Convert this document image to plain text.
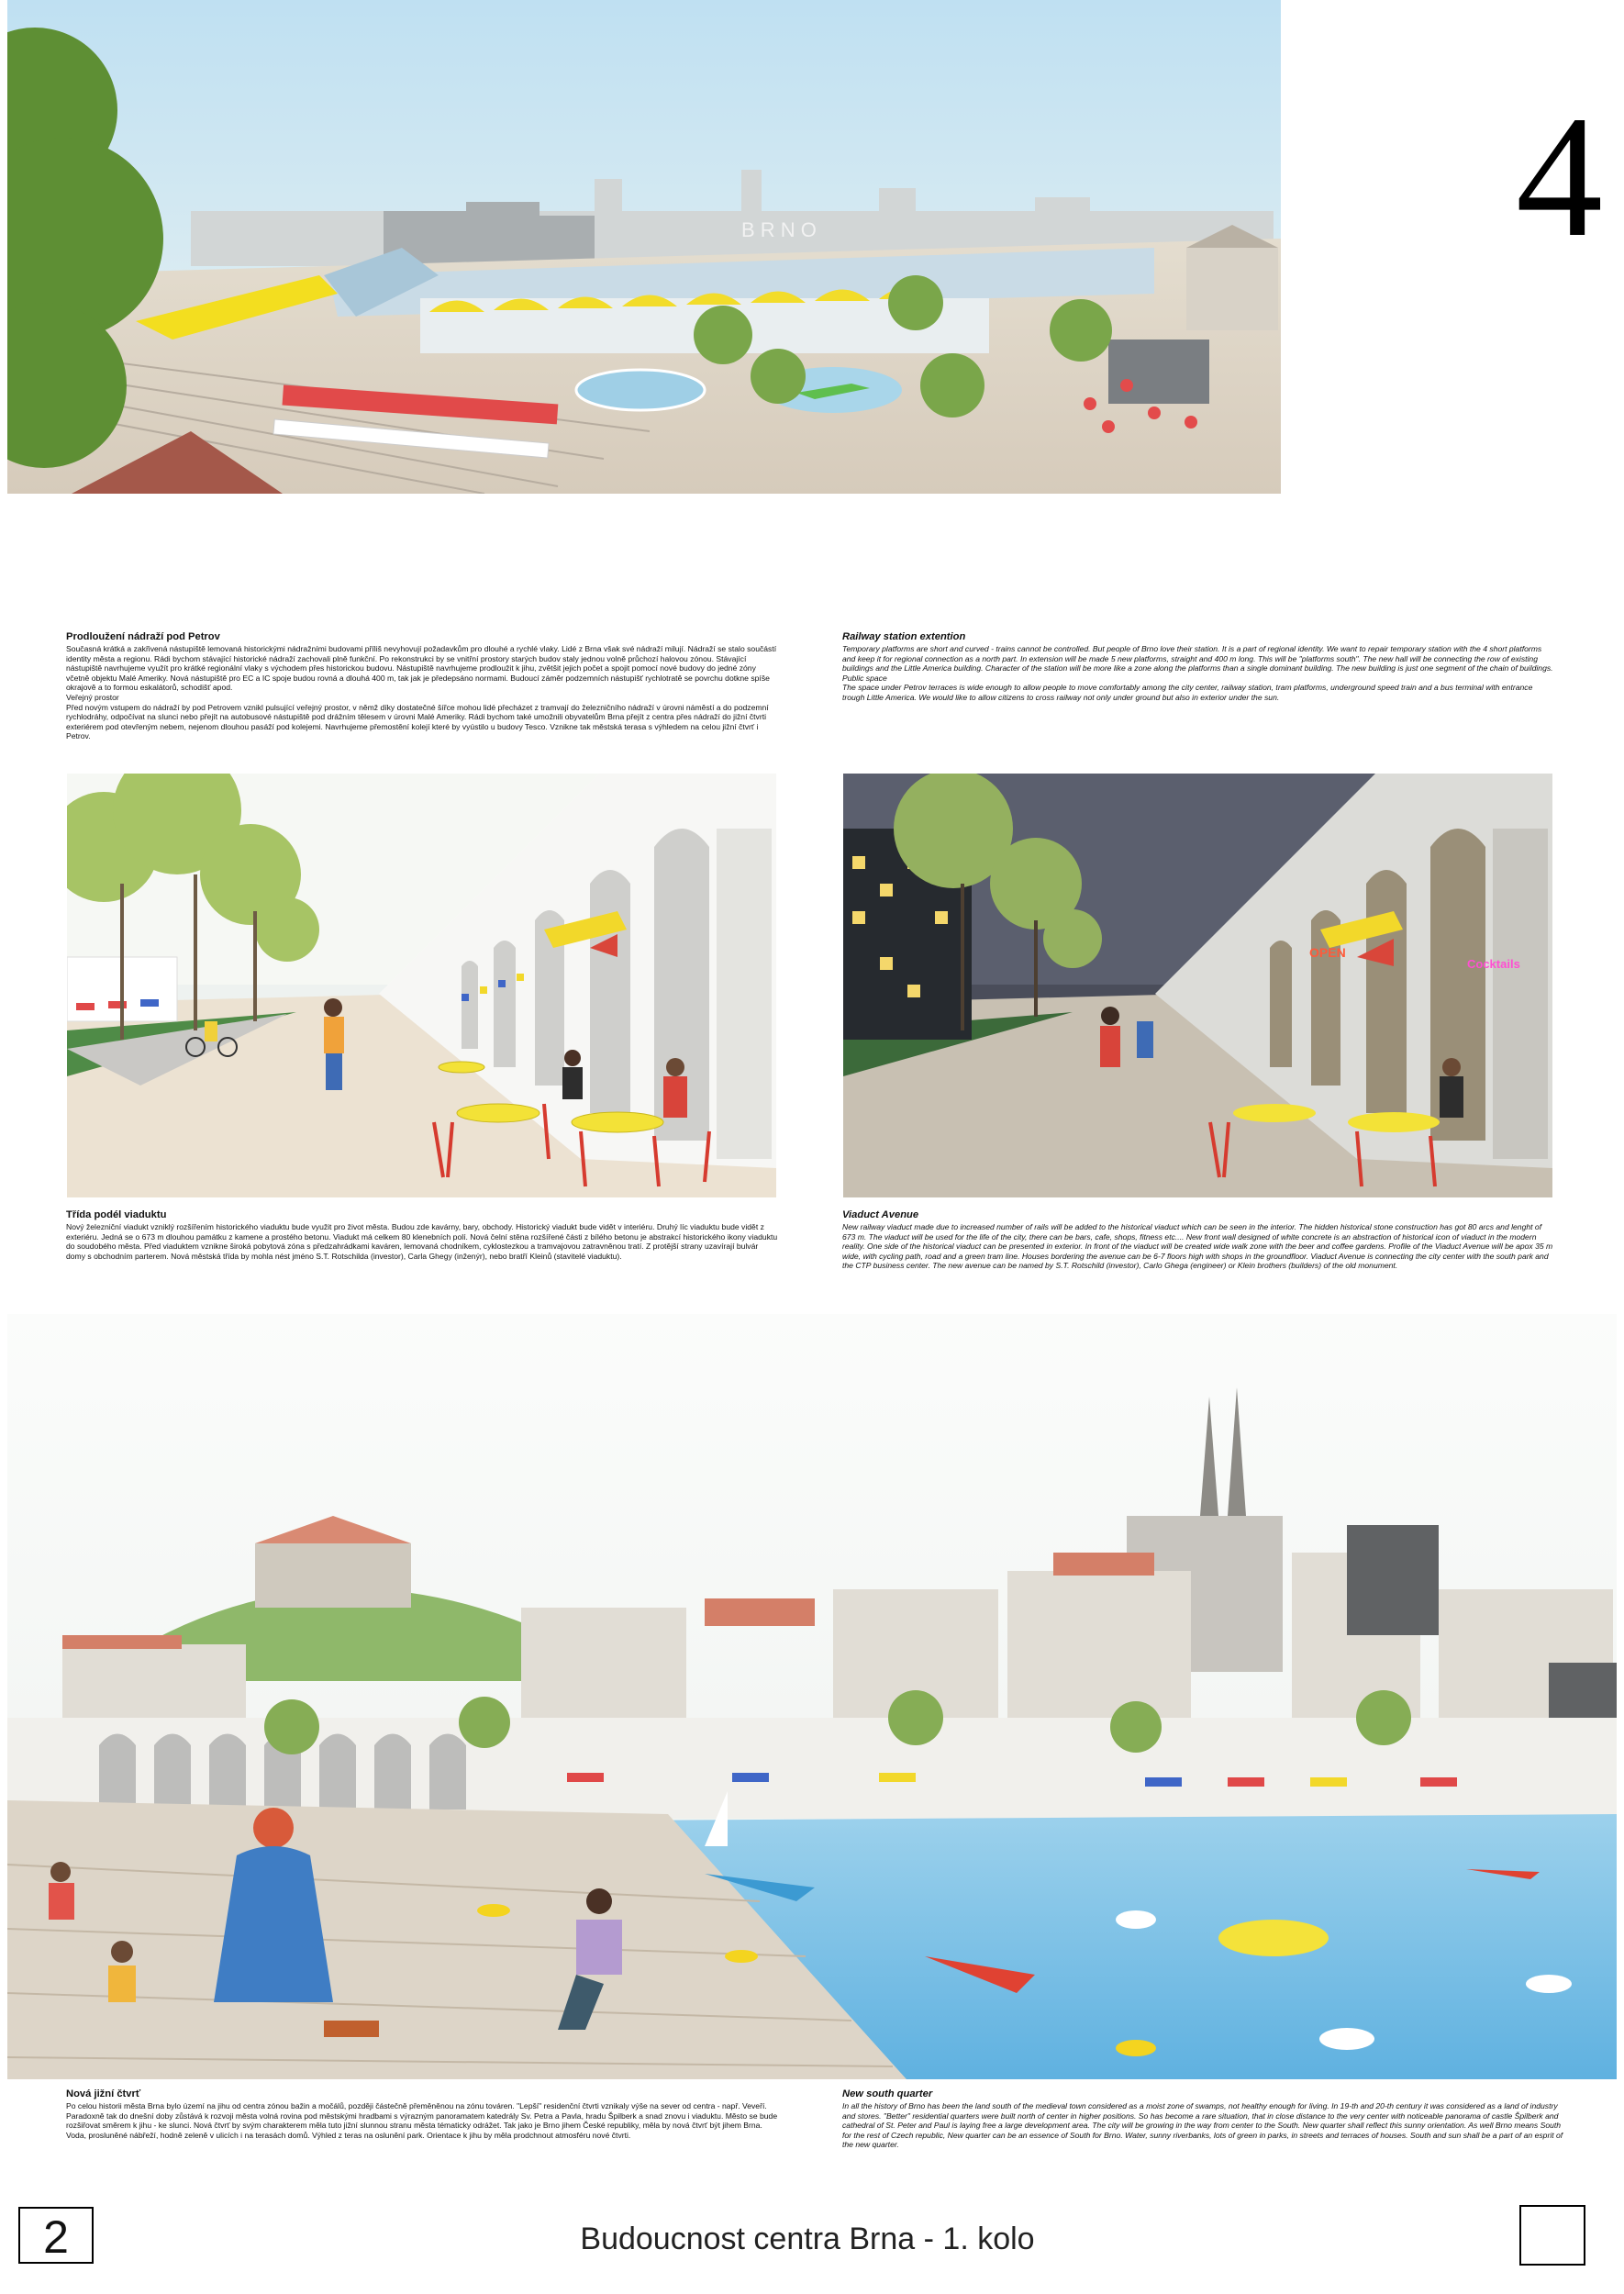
B R N O	4
Prodloužení nádraží pod Petrov

Současná krátká a zakřivená nástupiště lemovaná historickými nádražními budovami příliš nevyhovují požadavkům pro dlouhé a rychlé vlaky. Lidé z Brna však své nádraží milují. Nádraží se stalo součástí identity města a regionu. Rádi bychom stávající historické nádraží zachovali plně funkční. Po rekonstrukci by se vnitřní prostory starých budov staly jednou volně průchozí halovou zónou. Stávající nástupiště navrhujeme využít pro krátké regionální vlaky s východem přes historickou budovu. Nástupiště navrhujeme prodloužit k jihu, zvětšit jejich počet a spojit pomocí nové budovy do jedné zóny včetně objektu Malé Ameriky. Nová nástupiště pro EC a IC spoje budou rovná a dlouhá 400 m, tak jak je předepsáno normami. Budoucí záměr podzemních nástupišť rychlotratě se povrchu dotkne spíše okrajově a to formou eskalátorů, schodišť apod.

Veřejný prostor

Před novým vstupem do nádraží by pod Petrovem vznikl pulsující veřejný prostor, v němž díky dostatečné šířce mohou lidé přecházet z tramvají do železničního nádraží v úrovni náměstí a do podzemní rychlodráhy, odpočívat na slunci nebo přejít na autobusové nástupiště pod drážním tělesem v úrovni Malé Ameriky. Rádi bychom také umožnili obyvatelům Brna přejít z centra přes nádraží do jižní čtvrti exteriérem pod otevřeným nebem, nejenom dlouhou pasáží pod kolejemi. Navrhujeme přemostění kolejí které by vyústilo u budovy Tesco. Vznikne tak městská terasa s výhledem na celou jižní čtvrť i Petrov.

Railway station extention

Temporary platforms are short and curved - trains cannot be controlled. But people of Brno love their station. It is a part of regional identity. We want to repair temporary station with the 4 short platforms and keep it for regional connection as a north part. In extension will be made 5 new platforms, straight and 400 m long. This will be "platforms south". The new hall will be connecting the row of existing buildings and the Little America building. Character of the station will be more like a zone along the platforms than a single dominant building. The new building is just one segment of the chain of buildings.

Public space

The space under Petrov terraces is wide enough to allow people to move comfortably among the city center, railway station, tram platforms, underground speed train and a bus terminal with entrance trough Little America. We would like to allow citizens to cross railway not only under ground but also in exterior under the sun.

OPEN
Cocktails
Třída podél viaduktu

Nový železniční viadukt vzniklý rozšířením historického viaduktu bude využit pro život města. Budou zde kavárny, bary, obchody. Historický viadukt bude vidět v interiéru. Druhý líc viaduktu bude vidět z exteriéru. Jedná se o 673 m dlouhou památku z kamene a prostého betonu. Viadukt má celkem 80 klenebních polí. Nová čelní stěna rozšířené části z bílého betonu je abstrakcí historického ikony viaduktu do soudobého města. Před viaduktem vznikne široká pobytová zóna s předzahrádkami kaváren, lemovaná chodníkem, cyklostezkou a tramvajovou zatravněnou tratí. Z protější strany uzavírají bulvár domy s obchodním parterem. Nová městská třída by mohla nést jméno S.T. Rotschilda (investor), Carla Ghegy (inženýr), nebo bratří Kleinů (stavitelé viaduktu).

Viaduct Avenue

New railway viaduct made due to increased number of rails will be added to the historical viaduct which can be seen in the interior. The hidden historical stone construction has got 80 arcs and lenght of 673 m. The viaduct will be used for the life of the city, there can be bars, cafe, shops, fitness etc.... New front wall designed of white concrete is an abstraction of historical icon of viaduct in the modern reality. One side of the historical viaduct can be presented in exterior. In front of the viaduct will be created wide walk zone with the beer and coffee gardens. Profile of the Viaduct Avenue will be apox 35 m wide, with cycling path, road and a green tram line. Houses bordering the avenue can be 6-7 floors high with shops in the groundfloor. Viaduct Avenue is connecting the city center with the south park and the CTP business center. The new avenue can be named by S.T. Rotschild (investor), Carlo Ghega (engineer) or Klein brothers (builders) of the old monument.

Nová jižní čtvrť

Po celou historii města Brna bylo území na jihu od centra zónou bažin a močálů, později částečně přeměněnou na zónu továren. "Lepší" residenční čtvrti vznikaly výše na sever od centra - např. Veveří. Paradoxně tak do dnešní doby zůstává k rozvoji města volná rovina pod městskými hradbami s výrazným panoramatem katedrály Sv. Petra a Pavla, hradu Špilberk a snad znovu i viaduktu. Město se bude rozšiřovat směrem k jihu - ke slunci. Nová čtvrť by svým charakterem měla tuto jižní slunnou stranu města tématicky odrážet. Tak jako je Brno jihem České republiky, měla by nová čtvrť být jihem Brna. Voda, prosluněné nábřeží, hodně zeleně v ulicích i na terasách domů. Výhled z teras na oslunění park. Orientace k jihu by měla prodchnout atmosféru nové čtvrti.

New south quarter

In all the history of Brno has been the land south of the medieval town considered as a moist zone of swamps, not healthy enough for living. In 19-th and 20-th century it was considered as a land of industry and stores. "Better" residential quarters were built north of center in higher positions. So has become a rare situation, that in close distance to the very center with noticeable panorama of castle Špilberk and cathedral of St. Peter and Paul is laying free a large development area. The city will be growing in the way from center to the South. New quarter shall reflect this sunny orientation. As well Brno means South for the rest of Czech republic, New quarter can be an essence of South for Brno. Water, sunny riverbanks, lots of green in parks, in streets and terraces of houses. South and sun shall be a part of an esprit of the new quarter.

2	Budoucnost centra Brna - 1. kolo
